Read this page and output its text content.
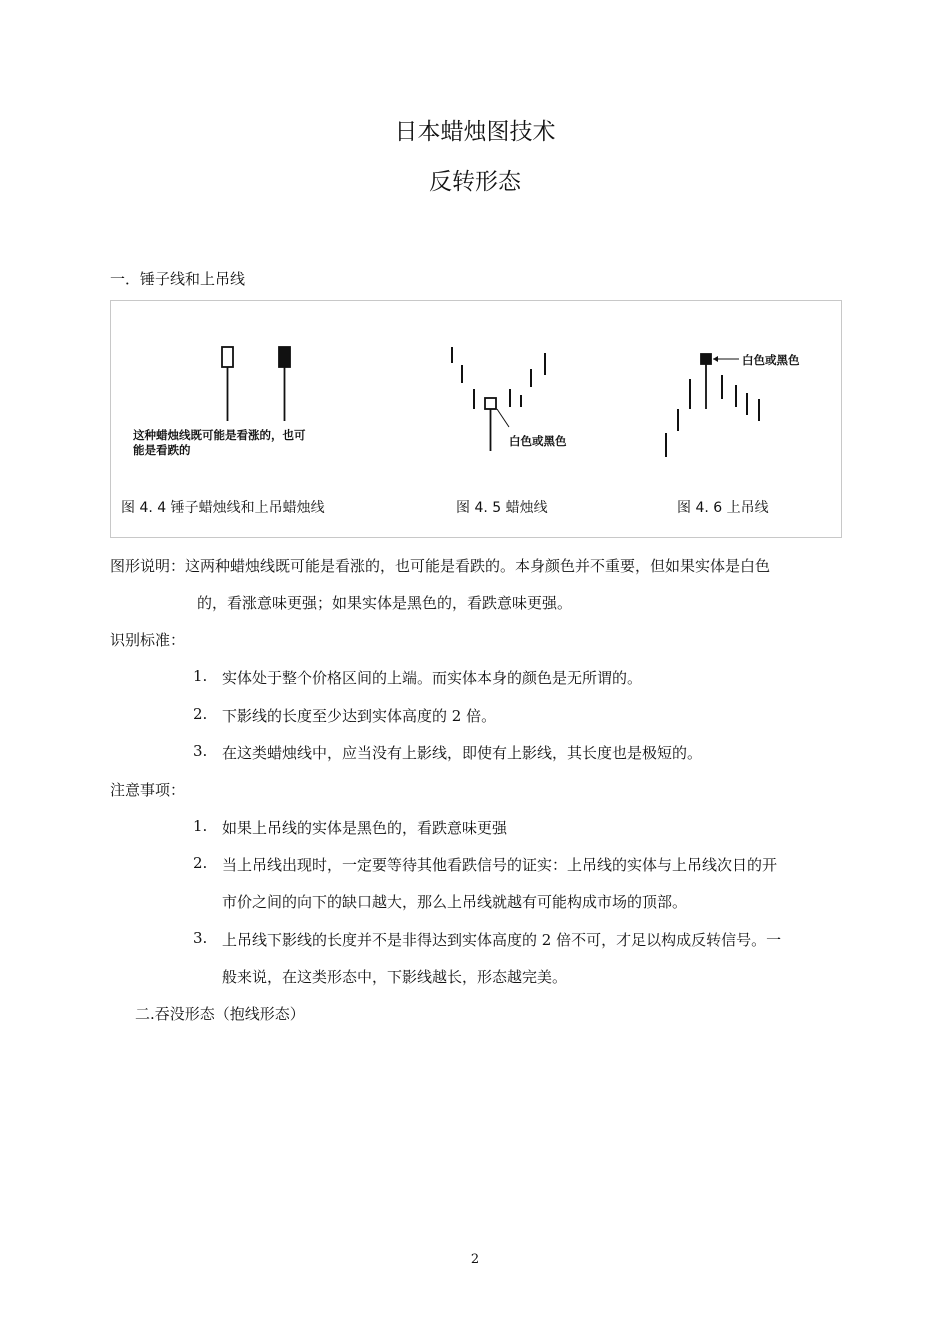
日本蜡烛图技术
反转形态
一．锤子线和上吊线
这种蜡烛线既可能是看涨的，也可
能是看跌的
图 4. 4 锤子蜡烛线和上吊蜡烛线
白色或黑色
图 4. 5 蜡烛线
白色或黑色
图 4. 6 上吊线
图形说明：这两种蜡烛线既可能是看涨的，也可能是看跌的。本身颜色并不重要，但如果实体是白色
的，看涨意味更强；如果实体是黑色的，看跌意味更强。
识别标准：
1. 实体处于整个价格区间的上端。而实体本身的颜色是无所谓的。
2. 下影线的长度至少达到实体高度的 2 倍。
3. 在这类蜡烛线中，应当没有上影线，即使有上影线，其长度也是极短的。
注意事项：
1. 如果上吊线的实体是黑色的，看跌意味更强
2. 当上吊线出现时，一定要等待其他看跌信号的证实：上吊线的实体与上吊线次日的开
市价之间的向下的缺口越大，那么上吊线就越有可能构成市场的顶部。
3. 上吊线下影线的长度并不是非得达到实体高度的 2 倍不可，才足以构成反转信号。一
般来说，在这类形态中，下影线越长，形态越完美。
二.吞没形态（抱线形态）
2
